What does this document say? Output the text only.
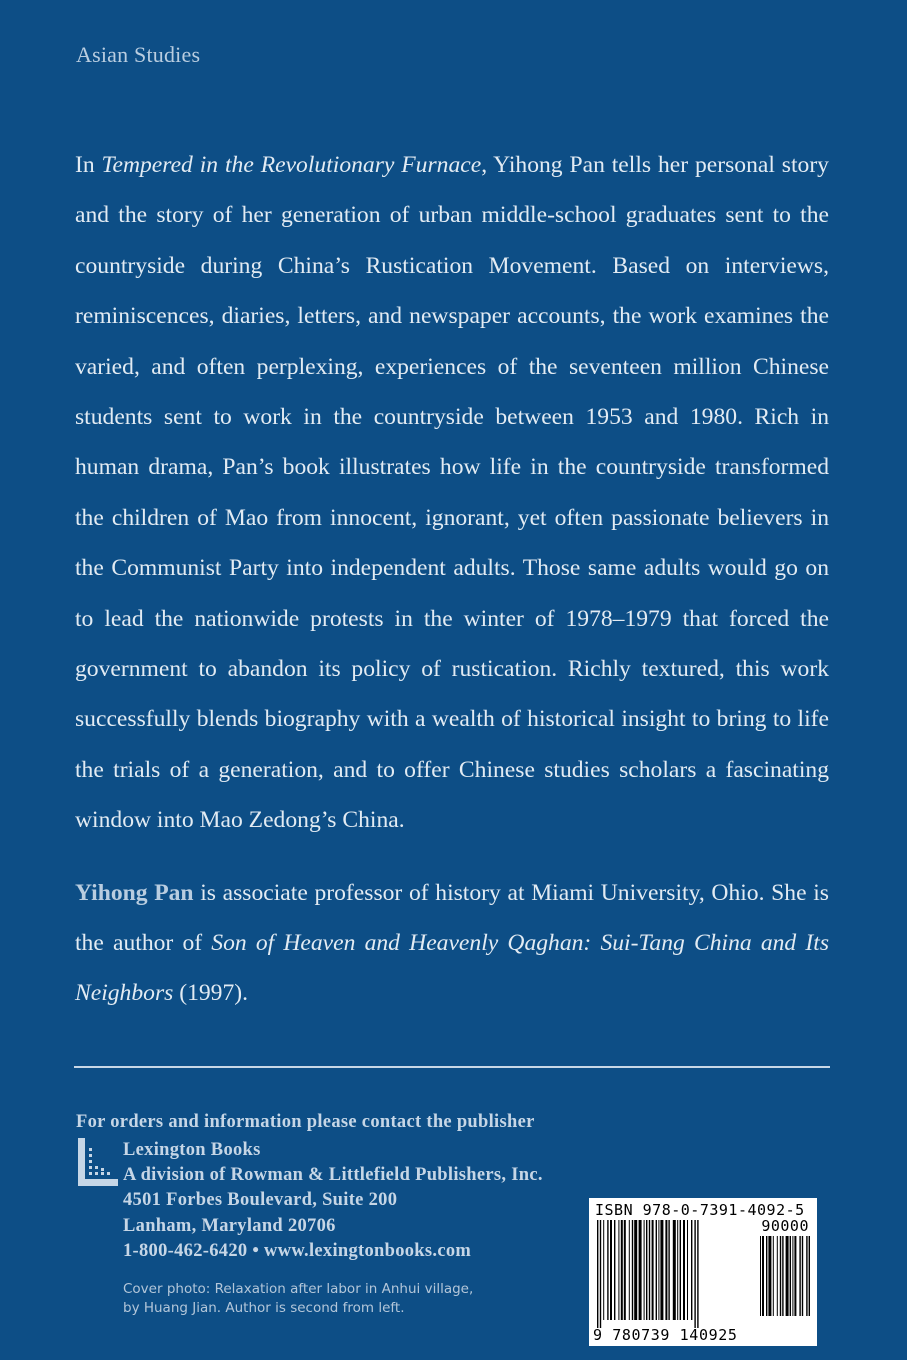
Asian Studies

In Tempered in the Revolutionary Furnace, Yihong Pan tells her personal story and the story of her generation of urban middle-school graduates sent to the countryside during China’s Rustication Movement. Based on interviews, reminiscences, diaries, letters, and newspaper accounts, the work examines the varied, and often perplexing, experiences of the seventeen million Chinese students sent to work in the countryside between 1953 and 1980. Rich in human drama, Pan’s book illustrates how life in the countryside transformed the children of Mao from innocent, ignorant, yet often passionate believers in the Communist Party into independent adults. Those same adults would go on to lead the nationwide protests in the winter of 1978–1979 that forced the government to abandon its policy of rustication. Richly textured, this work successfully blends biography with a wealth of historical insight to bring to life the trials of a generation, and to offer Chinese studies scholars a fascinating window into Mao Zedong’s China.

Yihong Pan is associate professor of history at Miami University, Ohio. She is the author of Son of Heaven and Heavenly Qaghan: Sui-Tang China and Its Neighbors (1997).

For orders and information please contact the publisher
Lexington Books
A division of Rowman & Littlefield Publishers, Inc.
4501 Forbes Boulevard, Suite 200
Lanham, Maryland 20706
1-800-462-6420 • www.lexingtonbooks.com
Cover photo: Relaxation after labor in Anhui village,
by Huang Jian. Author is second from left.
ISBN 978-0-7391-4092-5
90000
9 780739 140925
